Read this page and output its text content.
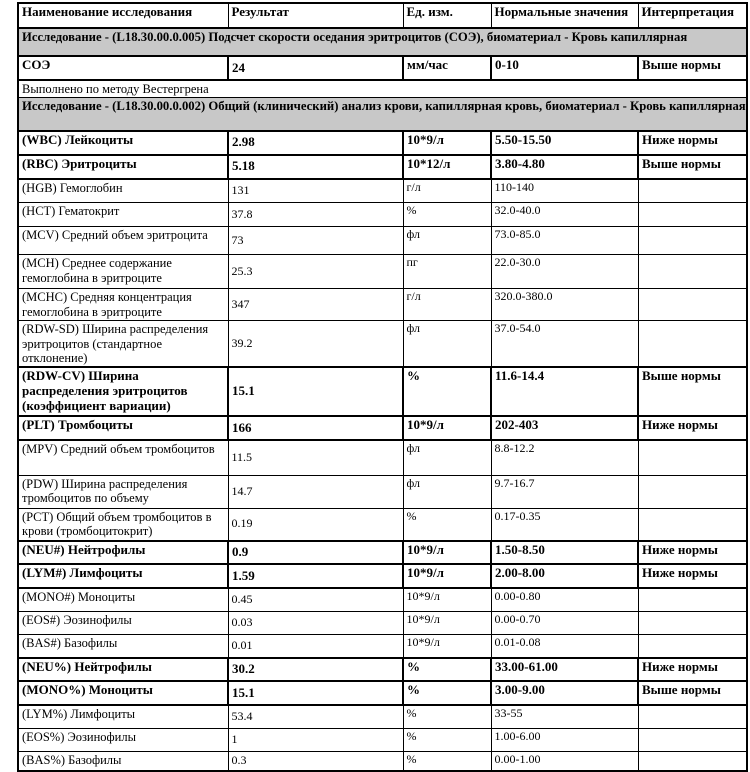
Наименование исследования	Результат	Ед. изм.	Нормальные значения	Интерпретация
Исследование - (L18.30.00.0.005) Подсчет скорости оседания эритроцитов (СОЭ), биоматериал - Кровь капиллярная				
СОЭ	24	мм/час	0-10	Выше нормы
Выполнено по методу Вестергрена				
Исследование - (L18.30.00.0.002) Общий (клинический) анализ крови, капиллярная кровь, биоматериал - Кровь капиллярная				
(WBC) Лейкоциты	2.98	10*9/л	5.50-15.50	Ниже нормы
(RBC) Эритроциты	5.18	10*12/л	3.80-4.80	Выше нормы
(HGB) Гемоглобин	131	г/л	110-140	
(HCT) Гематокрит	37.8	%	32.0-40.0	
(MCV) Средний объем эритроцита	73	фл	73.0-85.0	
(MCH) Среднее содержание гемоглобина в эритроците	25.3	пг	22.0-30.0	
(MCHC) Средняя концентрация гемоглобина в эритроците	347	г/л	320.0-380.0	
(RDW-SD) Ширина распределения эритроцитов (стандартное отклонение)	39.2	фл	37.0-54.0	
(RDW-CV) Ширина распределения эритроцитов (коэффициент вариации)	15.1	%	11.6-14.4	Выше нормы
(PLT) Тромбоциты	166	10*9/л	202-403	Ниже нормы
(MPV) Средний объем тромбоцитов	11.5	фл	8.8-12.2	
(PDW) Ширина распределения тромбоцитов по объему	14.7	фл	9.7-16.7	
(PCT) Общий объем тромбоцитов в крови (тромбоцитокрит)	0.19	%	0.17-0.35	
(NEU#) Нейтрофилы	0.9	10*9/л	1.50-8.50	Ниже нормы
(LYM#) Лимфоциты	1.59	10*9/л	2.00-8.00	Ниже нормы
(MONO#) Моноциты	0.45	10*9/л	0.00-0.80	
(EOS#) Эозинофилы	0.03	10*9/л	0.00-0.70	
(BAS#) Базофилы	0.01	10*9/л	0.01-0.08	
(NEU%) Нейтрофилы	30.2	%	33.00-61.00	Ниже нормы
(MONO%) Моноциты	15.1	%	3.00-9.00	Выше нормы
(LYM%) Лимфоциты	53.4	%	33-55	
(EOS%) Эозинофилы	1	%	1.00-6.00	
(BAS%) Базофилы	0.3	%	0.00-1.00	
